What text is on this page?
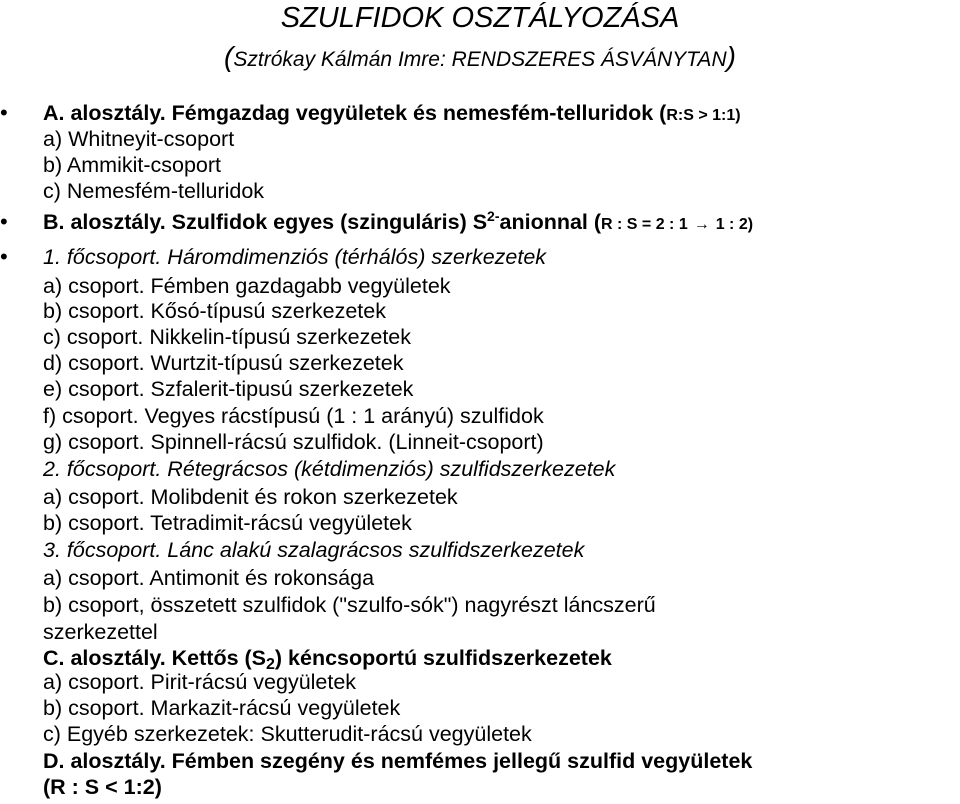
SZULFIDOK OSZTÁLYOZÁSA
(Sztrókay Kálmán Imre: RENDSZERES ÁSVÁNYTAN)
• A. alosztály. Fémgazdag vegyületek és nemesfém-telluridok (R:S > 1:1)
a) Whitneyit-csoport
b) Ammikit-csoport
c) Nemesfém-telluridok
• B. alosztály. Szulfidok egyes (szinguláris) $S^{2-}anionnal$ (R : S = 2 : 1 → 1 : 2)
• 1. főcsoport. Háromdimenziós (térhálós) szerkezetek
a) csoport. Fémben gazdagabb vegyületek
b) csoport. Kősó-típusú szerkezetek
c) csoport. Nikkelin-típusú szerkezetek
d) csoport. Wurtzit-típusú szerkezetek
e) csoport. Szfalerit-tipusú szerkezetek
f) csoport. Vegyes rácstípusú (1 : 1 arányú) szulfidok
g) csoport. Spinnell-rácsú szulfidok. (Linneit-csoport)
2. főcsoport. Rétegrácsos (kétdimenziós) szulfidszerkezetek
a) csoport. Molibdenit és rokon szerkezetek
b) csoport. Tetradimit-rácsú vegyületek
3. főcsoport. Lánc alakú szalagrácsos szulfidszerkezetek
a) csoport. Antimonit és rokonsága
b) csoport, összetett szulfidok ("szulfo-sók") nagyrészt láncszerű
szerkezettel
C. alosztály. Kettős $(S_2)$ kéncsoportú szulfidszerkezetek
a) csoport. Pirit-rácsú vegyületek
b) csoport. Markazit-rácsú vegyületek
c) Egyéb szerkezetek: Skutterudit-rácsú vegyületek
D. alosztály. Fémben szegény és nemfémes jellegű szulfid vegyületek
(R : S < 1:2)
